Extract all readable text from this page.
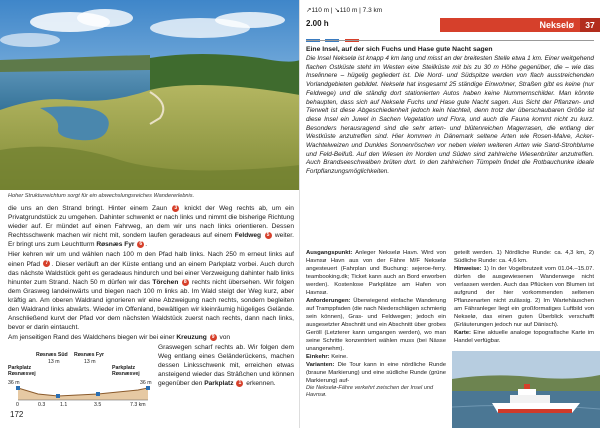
Hoher Strukturreichtum sorgt für ein abwechslungsreiches Wandererlebnis.

die uns an den Strand bringt. Hinter einem Zaun 3 knickt der Weg rechts ab, um ein Privatgrundstück zu umgehen. Dahinter schwenkt er nach links und nimmt die bisherige Richtung wieder auf. Er mündet auf einen Fahrweg, an dem wir uns nach links orientieren. Dessen Rechtsschwenk machen wir nicht mit, sondern laufen geradeaus auf einem Feldweg 5 weiter. Er bringt uns zum Leuchtturm Røsnæs Fyr 6 .

Hier kehren wir um und wählen nach 100 m den Pfad halb links. Nach 250 m erneut links auf einen Pfad 7 . Dieser verläuft an der Küste entlang und an einem Parkplatz vorbei. Auch durch das nächste Waldstück geht es geradeaus hindurch und bei einer Verzweigung dahinter halb links hinunter zum Strand. Nach 50 m dürfen wir das Törchen 8 rechts nicht übersehen. Wir folgen dem Grasweg landeinwärts und biegen nach 100 m links ab. Im Wald steigt der Weg kurz, aber kräftig an. Am oberen Waldrand ignorieren wir eine Abzweigung nach rechts, sondern begleiten den Waldrand links abwärts. Wieder im Offenland, bewältigen wir kleinräumig hügeliges Gelände. Anschließend kurvt der Pfad vor dem nächsten Waldstück zuerst nach rechts, dann nach links, bevor er darin eintaucht.

Am jenseitigen Rand des Waldchens biegen wir bei einer Kreuzung 9 von

Røsnæs Süd
13 m
Røsnæs Fyr
13 m
Parkplatz Røsnæsvej
36 m
Parkplatz Røsnæsvej
36 m
0	0.3	1.1	3.5	7.3 km
Graswegen scharf rechts ab. Wir folgen dem Weg entlang eines Geländerückens, machen dessen Linksschwenk mit, erreichen etwas ansteigend wieder das Sträßchen und können gegenüber den Parkplatz 1 erkennen.
172
↗110 m | ↘110 m | 7.3 km
2.00 h
	Nekselø	37
Eine Insel, auf der sich Fuchs und Hase gute Nacht sagen
Die Insel Nekselø ist knapp 4 km lang und misst an der breitesten Stelle etwa 1 km. Einer weitgehend flachen Ostküste steht im Westen eine Steilküste mit bis zu 30 m Höhe gegenüber, die – wie das Inselinnere – hügelig gegliedert ist. Die Nord- und Südspitze werden von flach ausstreichenden Vorlandgebieten gebildet. Nekselø hat insgesamt 25 ständige Einwohner, Straßen gibt es keine (nur Feldwege) und die ständig dort stationierten Autos haben keine Nummernschilder. Man könnte behaupten, dass sich auf Nekselø Fuchs und Hase gute Nacht sagen. Aus Sicht der Pflanzen- und Tierwelt ist diese Abgeschiedenheit jedoch kein Nachteil, denn trotz der überschaubaren Größe ist diese Insel ein Juwel in Sachen Vegetation und Flora, und auch die Fauna kommt nicht zu kurz. Besonders herausragend sind die sehr arten- und blütenreichen Magerrasen, die entlang der Westküste anzutreffen sind. Hier kommen in Dänemark seltene Arten wie Rosen-Malve, Acker-Wachtelweizen und Dunkles Sonnenröschen vor neben vielen weiteren Arten wie Sand-Strohblume und Feld-Beifuß. Auf den Wiesen im Norden und Süden sind zahlreiche Wiesenbrüter anzutreffen. Auch Brandseeschwalben brüten dort. In den zahlreichen Tümpeln findet die Rotbauchunke ideale Fortpflanzungsmöglichkeiten.
Ausgangspunkt: Anleger Nekselø Havn. Wird von Havnsø Havn aus von der Fähre M/F Nekselø angesteuert (Fahrplan und Buchung: sejeroe-ferry. teambooking.dk; Ticket kann auch an Bord erworben werden). Kostenlose Parkplätze am Hafen von Havnsø.
Anforderungen: Überwiegend einfache Wanderung auf Tramppfaden (die nach Niederschlägen schmierig sein können), Gras- und Feldwegen; jedoch ein ausgesetzter Abschnitt und ein Abschnitt über grobes Geröll (Letzterer kann umgangen werden), wo man seine Schritte konzentriert wählen muss (bei Nässe unangenehm).
Einkehr: Keine.
Varianten: Die Tour kann in eine nördliche Runde (braune Markierung) und eine südliche Runde (grüne Markierung) auf-
geteilt werden. 1) Nördliche Runde: ca. 4,3 km, 2) Südliche Runde: ca. 4,6 km.
Hinweise: 1) In der Vogelbrutzeit vom 01.04.–15.07. dürfen die ausgewiesenen Wanderwege nicht verlassen werden. Auch das Pflücken von Blumen ist aufgrund der hier vorkommenden seltenen Pflanzenarten nicht zulässig. 2) Im Wartehäuschen am Fähranleger liegt ein großformatiges Luftbild von Nekselø, das einen guten Überblick verschafft (Erläuterungen jedoch nur auf Dänisch).
Karte: Eine aktuelle analoge topografische Karte im Handel verfügbar.
Die Nekselø-Fähre verkehrt zwischen der Insel und Havnsø.
